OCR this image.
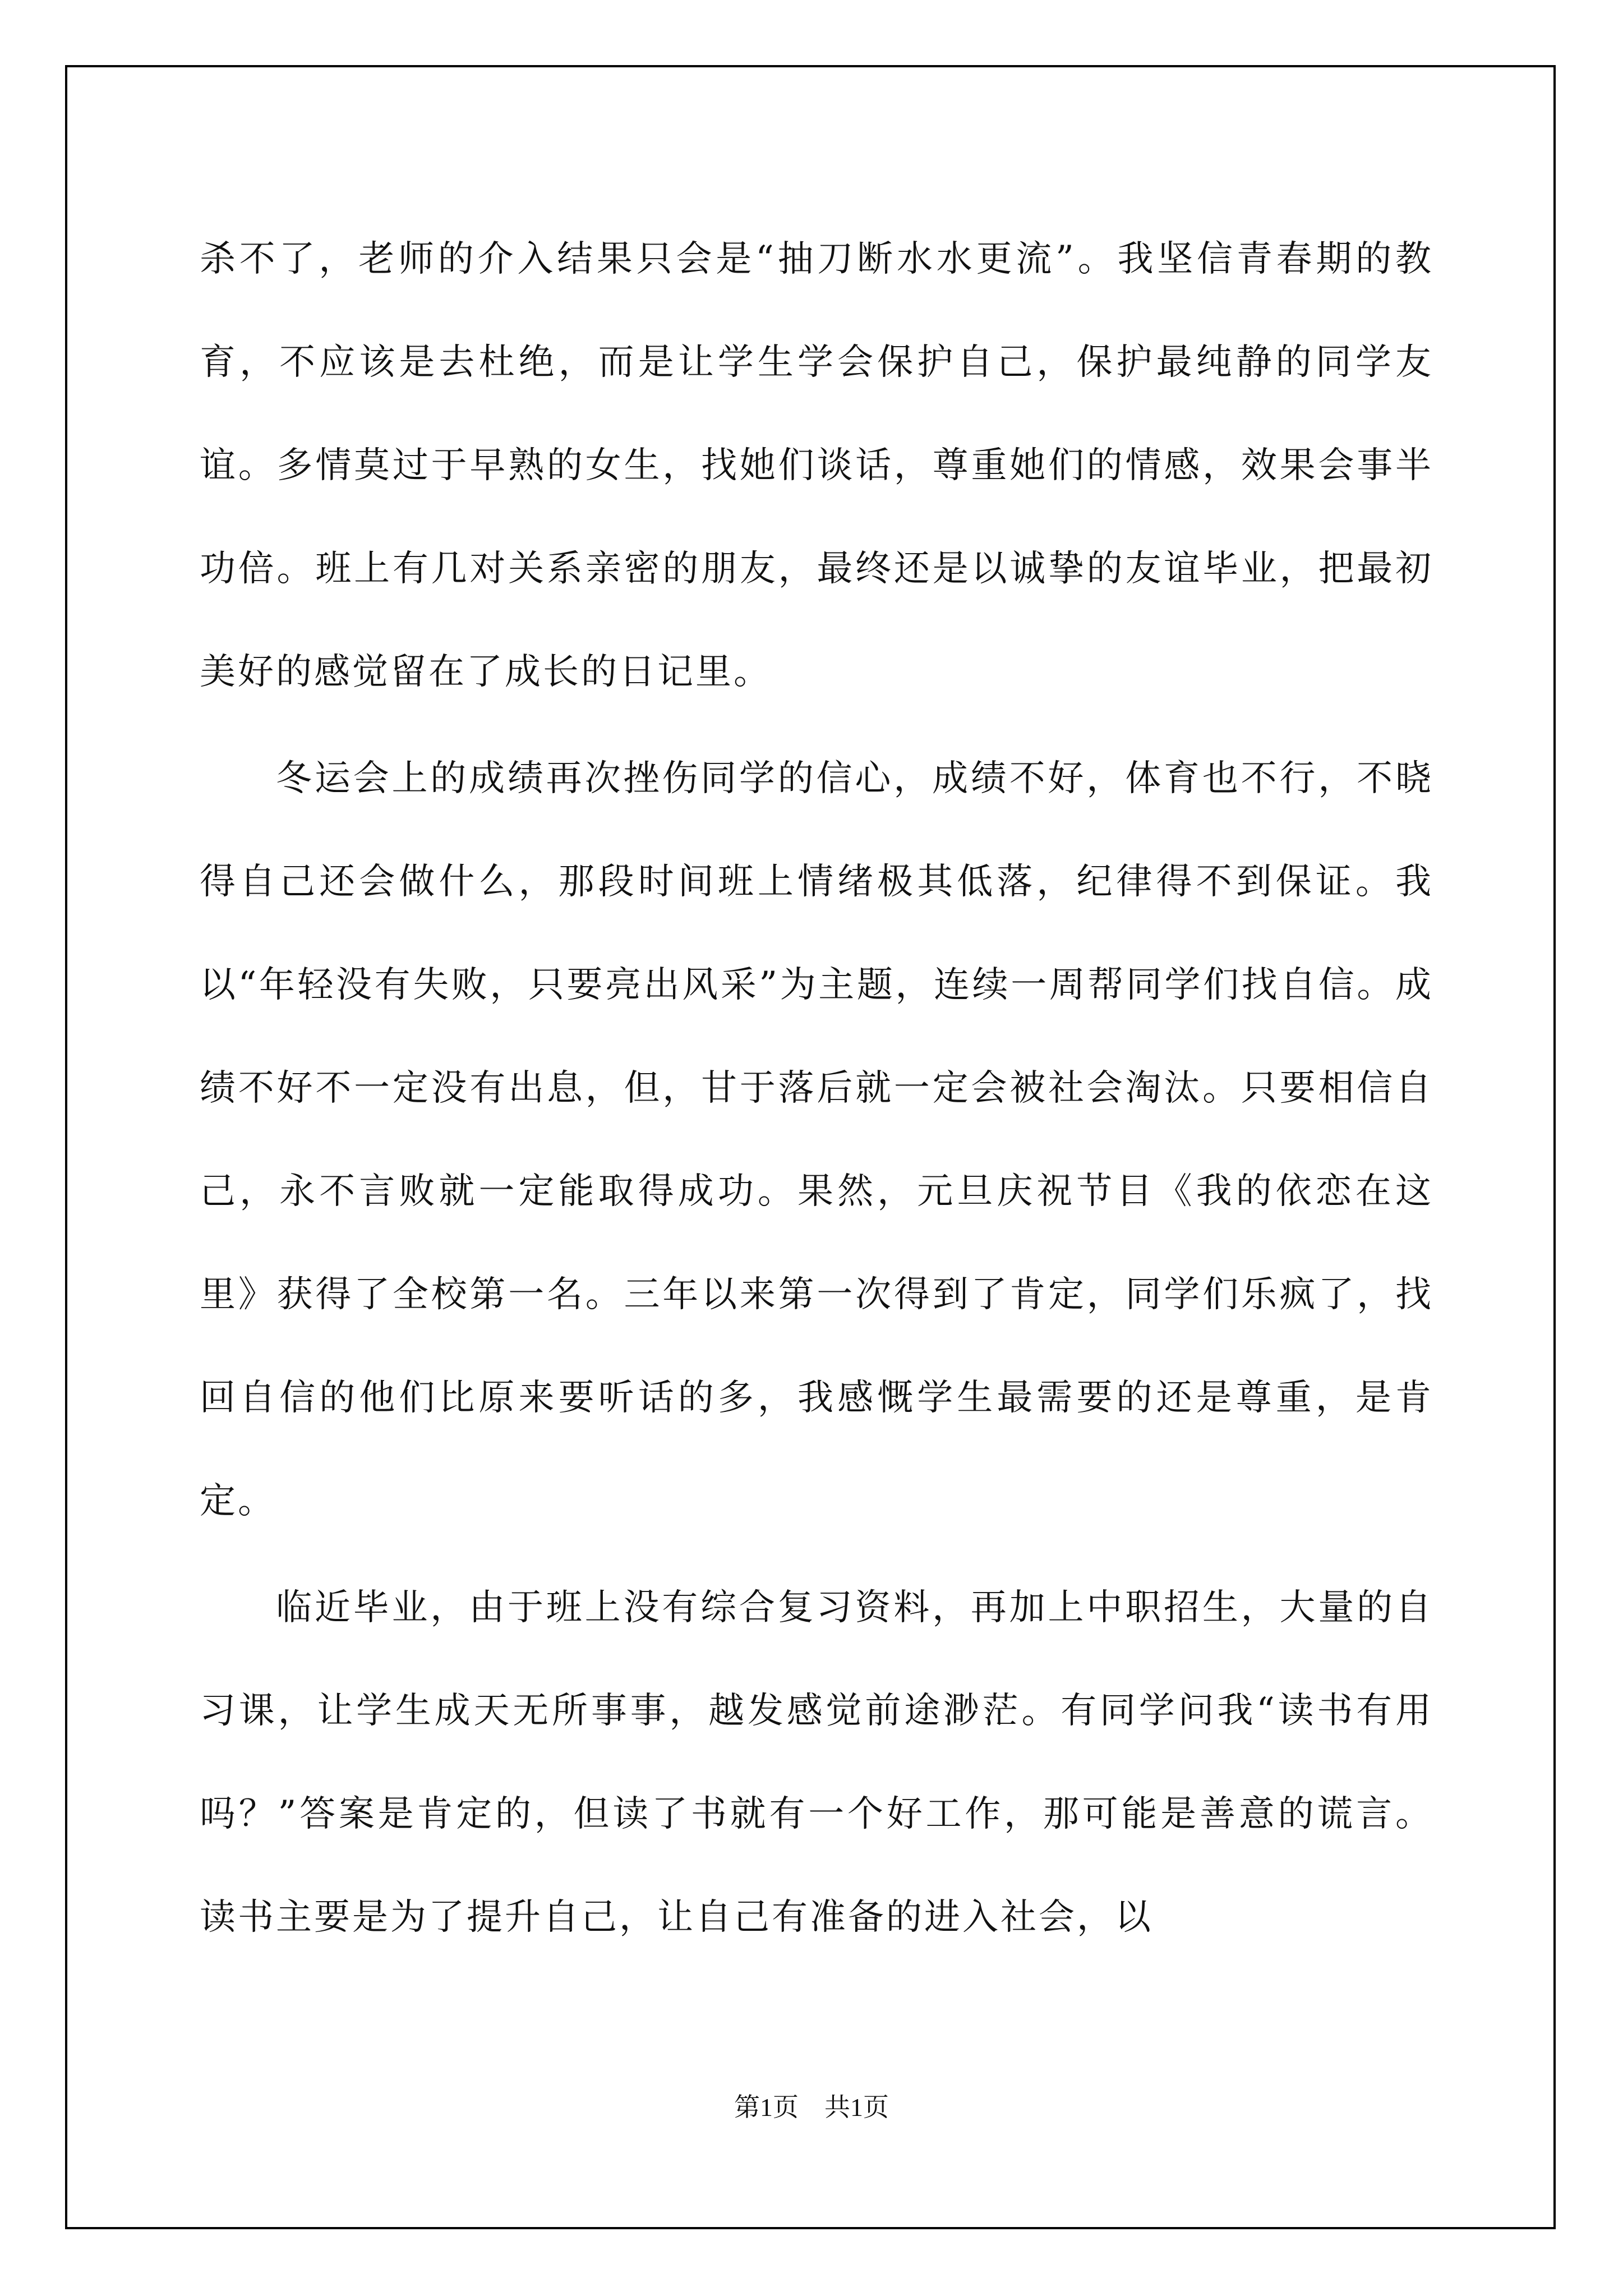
杀不了，老师的介入结果只会是“抽刀断水水更流”。我坚信青春期的教育，不应该是去杜绝，而是让学生学会保护自己，保护最纯静的同学友谊。多情莫过于早熟的女生，找她们谈话，尊重她们的情感，效果会事半功倍。班上有几对关系亲密的朋友，最终还是以诚挚的友谊毕业，把最初美好的感觉留在了成长的日记里。

冬运会上的成绩再次挫伤同学的信心，成绩不好，体育也不行，不晓得自己还会做什么，那段时间班上情绪极其低落，纪律得不到保证。我以“年轻没有失败，只要亮出风采”为主题，连续一周帮同学们找自信。成绩不好不一定没有出息，但，甘于落后就一定会被社会淘汰。只要相信自己，永不言败就一定能取得成功。果然，元旦庆祝节目《我的依恋在这里》获得了全校第一名。三年以来第一次得到了肯定，同学们乐疯了，找回自信的他们比原来要听话的多，我感慨学生最需要的还是尊重，是肯定。

临近毕业，由于班上没有综合复习资料，再加上中职招生，大量的自习课，让学生成天无所事事，越发感觉前途渺茫。有同学问我“读书有用吗？”答案是肯定的，但读了书就有一个好工作，那可能是善意的谎言。读书主要是为了提升自己，让自己有准备的进入社会，以

第1页 共1页
